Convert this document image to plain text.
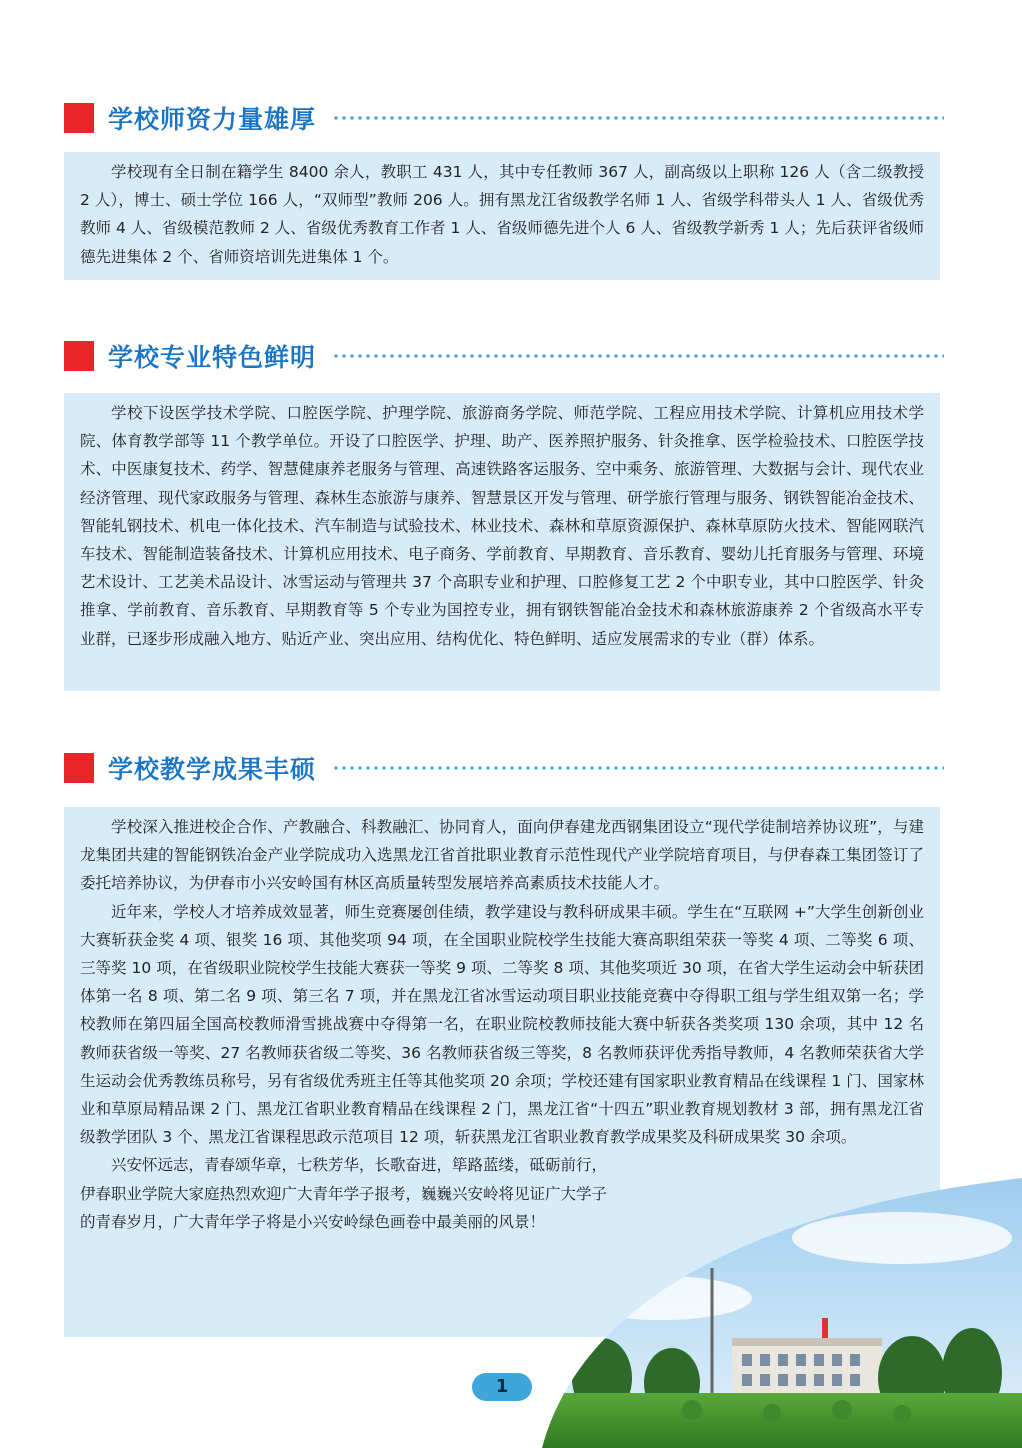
学校师资力量雄厚

学校现有全日制在籍学生 8400 余人，教职工 431 人，其中专任教师 367 人，副高级以上职称 126 人（含二级教授 2 人），博士、硕士学位 166 人，“双师型”教师 206 人。拥有黑龙江省级教学名师 1 人、省级学科带头人 1 人、省级优秀教师 4 人、省级模范教师 2 人、省级优秀教育工作者 1 人、省级师德先进个人 6 人、省级教学新秀 1 人；先后获评省级师德先进集体 2 个、省师资培训先进集体 1 个。

学校专业特色鲜明

学校下设医学技术学院、口腔医学院、护理学院、旅游商务学院、师范学院、工程应用技术学院、计算机应用技术学院、体育教学部等 11 个教学单位。开设了口腔医学、护理、助产、医养照护服务、针灸推拿、医学检验技术、口腔医学技术、中医康复技术、药学、智慧健康养老服务与管理、高速铁路客运服务、空中乘务、旅游管理、大数据与会计、现代农业经济管理、现代家政服务与管理、森林生态旅游与康养、智慧景区开发与管理、研学旅行管理与服务、钢铁智能冶金技术、智能轧钢技术、机电一体化技术、汽车制造与试验技术、林业技术、森林和草原资源保护、森林草原防火技术、智能网联汽车技术、智能制造装备技术、计算机应用技术、电子商务、学前教育、早期教育、音乐教育、婴幼儿托育服务与管理、环境艺术设计、工艺美术品设计、冰雪运动与管理共 37 个高职专业和护理、口腔修复工艺 2 个中职专业，其中口腔医学、针灸推拿、学前教育、音乐教育、早期教育等 5 个专业为国控专业，拥有钢铁智能冶金技术和森林旅游康养 2 个省级高水平专业群，已逐步形成融入地方、贴近产业、突出应用、结构优化、特色鲜明、适应发展需求的专业（群）体系。

学校教学成果丰硕

学校深入推进校企合作、产教融合、科教融汇、协同育人，面向伊春建龙西钢集团设立“现代学徒制培养协议班”，与建龙集团共建的智能钢铁冶金产业学院成功入选黑龙江省首批职业教育示范性现代产业学院培育项目，与伊春森工集团签订了委托培养协议，为伊春市小兴安岭国有林区高质量转型发展培养高素质技术技能人才。

近年来，学校人才培养成效显著，师生竞赛屡创佳绩，教学建设与教科研成果丰硕。学生在“互联网 +”大学生创新创业大赛斩获金奖 4 项、银奖 16 项、其他奖项 94 项，在全国职业院校学生技能大赛高职组荣获一等奖 4 项、二等奖 6 项、三等奖 10 项，在省级职业院校学生技能大赛获一等奖 9 项、二等奖 8 项、其他奖项近 30 项，在省大学生运动会中斩获团体第一名 8 项、第二名 9 项、第三名 7 项，并在黑龙江省冰雪运动项目职业技能竞赛中夺得职工组与学生组双第一名；学校教师在第四届全国高校教师滑雪挑战赛中夺得第一名，在职业院校教师技能大赛中斩获各类奖项 130 余项，其中 12 名教师获省级一等奖、27 名教师获省级二等奖、36 名教师获省级三等奖，8 名教师获评优秀指导教师，4 名教师荣获省大学生运动会优秀教练员称号，另有省级优秀班主任等其他奖项 20 余项；学校还建有国家职业教育精品在线课程 1 门、国家林业和草原局精品课 2 门、黑龙江省职业教育精品在线课程 2 门，黑龙江省“十四五”职业教育规划教材 3 部，拥有黑龙江省级教学团队 3 个、黑龙江省课程思政示范项目 12 项，斩获黑龙江省职业教育教学成果奖及科研成果奖 30 余项。

兴安怀远志，青春颂华章，七秩芳华，长歌奋进，筚路蓝缕，砥砺前行，伊春职业学院大家庭热烈欢迎广大青年学子报考，巍巍兴安岭将见证广大学子的青春岁月，广大青年学子将是小兴安岭绿色画卷中最美丽的风景！

1
